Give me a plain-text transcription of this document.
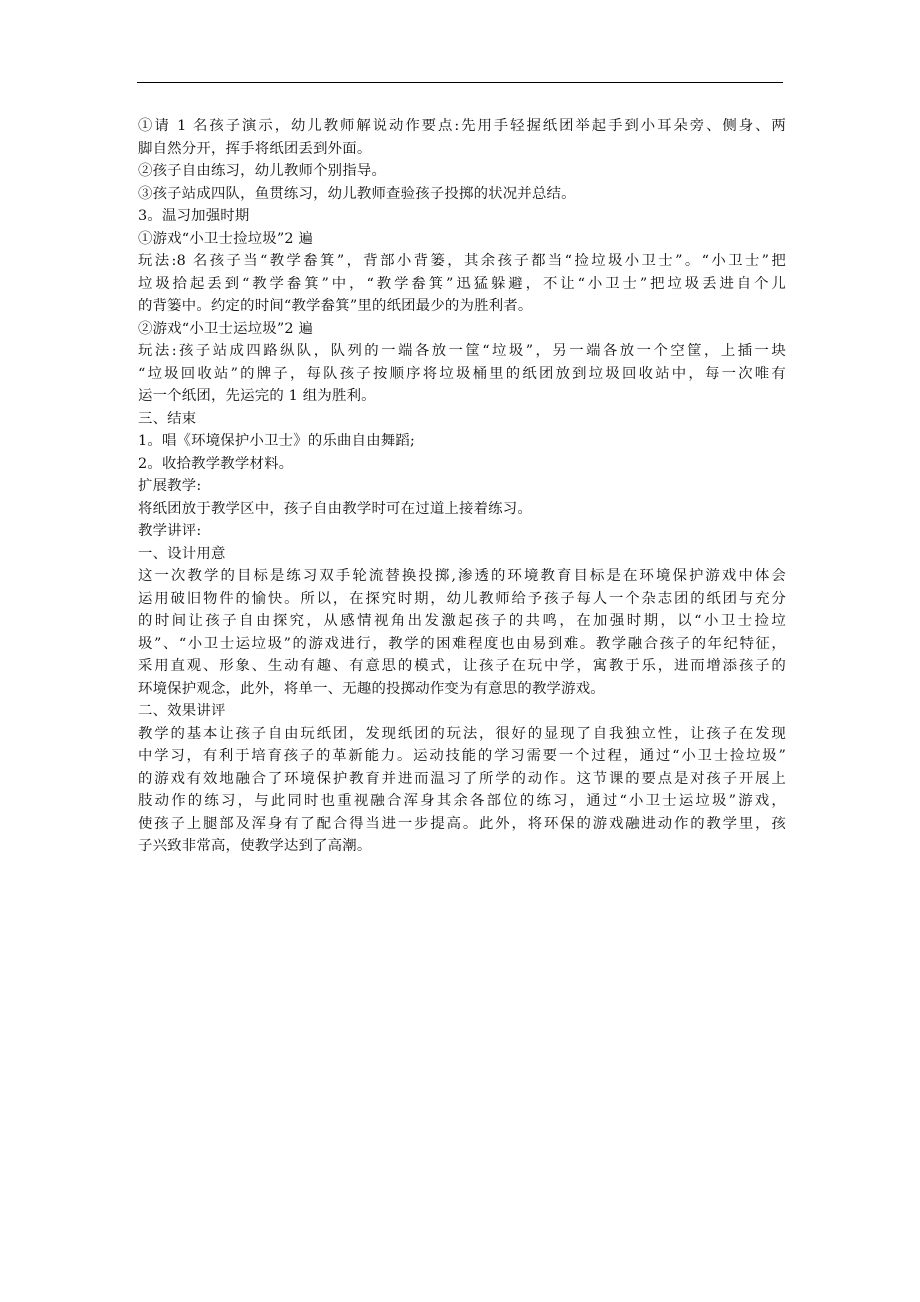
①请 1 名孩子演示，幼儿教师解说动作要点:先用手轻握纸团举起手到小耳朵旁、侧身、两
脚自然分开，挥手将纸团丢到外面。
②孩子自由练习，幼儿教师个别指导。
③孩子站成四队，鱼贯练习，幼儿教师查验孩子投掷的状况并总结。
3。温习加强时期
①游戏“小卫士捡垃圾”2 遍
玩法:8 名孩子当“教学畚箕”，背部小背篓，其余孩子都当“捡垃圾小卫士”。“小卫士”把
垃圾拾起丢到“教学畚箕”中，“教学畚箕”迅猛躲避，不让“小卫士”把垃圾丢进自个儿
的背篓中。约定的时间“教学畚箕”里的纸团最少的为胜利者。
②游戏“小卫士运垃圾”2 遍
玩法:孩子站成四路纵队，队列的一端各放一筐“垃圾”，另一端各放一个空筐，上插一块
“垃圾回收站”的牌子，每队孩子按顺序将垃圾桶里的纸团放到垃圾回收站中，每一次唯有
运一个纸团，先运完的 1 组为胜利。
三、结束
1。唱《环境保护小卫士》的乐曲自由舞蹈;
2。收拾教学教学材料。
扩展教学:
将纸团放于教学区中，孩子自由教学时可在过道上接着练习。
教学讲评:
一、设计用意
这一次教学的目标是练习双手轮流替换投掷,渗透的环境教育目标是在环境保护游戏中体会
运用破旧物件的愉快。所以，在探究时期，幼儿教师给予孩子每人一个杂志团的纸团与充分
的时间让孩子自由探究，从感情视角出发激起孩子的共鸣，在加强时期，以“小卫士捡垃
圾”、“小卫士运垃圾”的游戏进行，教学的困难程度也由易到难。教学融合孩子的年纪特征，
采用直观、形象、生动有趣、有意思的模式，让孩子在玩中学，寓教于乐，进而增添孩子的
环境保护观念，此外，将单一、无趣的投掷动作变为有意思的教学游戏。
二、效果讲评
教学的基本让孩子自由玩纸团，发现纸团的玩法，很好的显现了自我独立性，让孩子在发现
中学习，有利于培育孩子的革新能力。运动技能的学习需要一个过程，通过“小卫士捡垃圾”
的游戏有效地融合了环境保护教育并进而温习了所学的动作。这节课的要点是对孩子开展上
肢动作的练习，与此同时也重视融合浑身其余各部位的练习，通过“小卫士运垃圾”游戏，
使孩子上腿部及浑身有了配合得当进一步提高。此外，将环保的游戏融进动作的教学里，孩
子兴致非常高，使教学达到了高潮。
